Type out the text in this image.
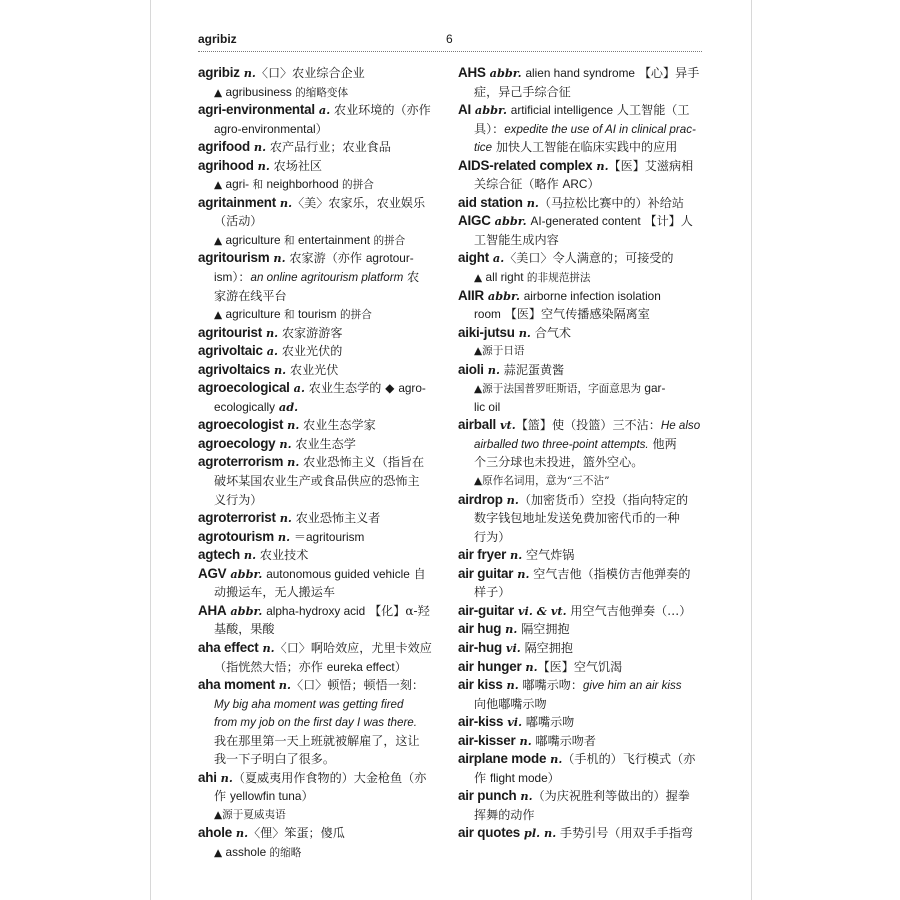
agribiz	6
agribiz n.〈口〉农业综合企业
▲ agribusiness 的缩略变体
agri-environmental a. 农业环境的（亦作
agro-environmental）
agrifood n. 农产品行业；农业食品
agrihood n. 农场社区
▲ agri- 和 neighborhood 的拼合
agritainment n.〈美〉农家乐，农业娱乐
（活动）
▲ agriculture 和 entertainment 的拼合
agritourism n. 农家游（亦作 agrotour-
ism）：an online agritourism platform 农
家游在线平台
▲ agriculture 和 tourism 的拼合
agritourist n. 农家游游客
agrivoltaic a. 农业光伏的
agrivoltaics n. 农业光伏
agroecological a. 农业生态学的 ◆ agro-
ecologically ad.
agroecologist n. 农业生态学家
agroecology n. 农业生态学
agroterrorism n. 农业恐怖主义（指旨在
破坏某国农业生产或食品供应的恐怖主
义行为）
agroterrorist n. 农业恐怖主义者
agrotourism n. ＝agritourism
agtech n. 农业技术
AGV abbr. autonomous guided vehicle 自
动搬运车，无人搬运车
AHA abbr. alpha-hydroxy acid 【化】α-羟
基酸，果酸
aha effect n.〈口〉啊哈效应，尤里卡效应
（指恍然大悟；亦作 eureka effect）
aha moment n.〈口〉顿悟；顿悟一刻：
My big aha moment was getting fired
from my job on the first day I was there.
我在那里第一天上班就被解雇了，这让
我一下子明白了很多。
ahi n.（夏威夷用作食物的）大金枪鱼（亦
作 yellowfin tuna）
▲源于夏威夷语
ahole n.〈俚〉笨蛋；傻瓜
▲ asshole 的缩略
AHS abbr. alien hand syndrome 【心】异手
症，异己手综合征
AI abbr. artificial intelligence 人工智能（工
具）：expedite the use of AI in clinical prac-
tice 加快人工智能在临床实践中的应用
AIDS-related complex n.【医】艾滋病相
关综合征（略作 ARC）
aid station n.（马拉松比赛中的）补给站
AIGC abbr. AI-generated content 【计】人
工智能生成内容
aight a.〈美口〉令人满意的；可接受的
▲ all right 的非规范拼法
AIIR abbr. airborne infection isolation
room 【医】空气传播感染隔离室
aiki-jutsu n. 合气术
▲源于日语
aioli n. 蒜泥蛋黄酱
▲源于法国普罗旺斯语，字面意思为 gar-
lic oil
airball vt.【篮】使（投篮）三不沾：He also
airballed two three-point attempts. 他两
个三分球也未投进，篮外空心。
▲原作名词用，意为“三不沾”
airdrop n.（加密货币）空投（指向特定的
数字钱包地址发送免费加密代币的一种
行为）
air fryer n. 空气炸锅
air guitar n. 空气吉他（指模仿吉他弹奏的
样子）
air-guitar vi. & vt. 用空气吉他弹奏（…）
air hug n. 隔空拥抱
air-hug vi. 隔空拥抱
air hunger n.【医】空气饥渴
air kiss n. 嘟嘴示吻：give him an air kiss
向他嘟嘴示吻
air-kiss vi. 嘟嘴示吻
air-kisser n. 嘟嘴示吻者
airplane mode n.（手机的）飞行模式（亦
作 flight mode）
air punch n.（为庆祝胜利等做出的）握拳
挥舞的动作
air quotes pl. n. 手势引号（用双手手指弯
